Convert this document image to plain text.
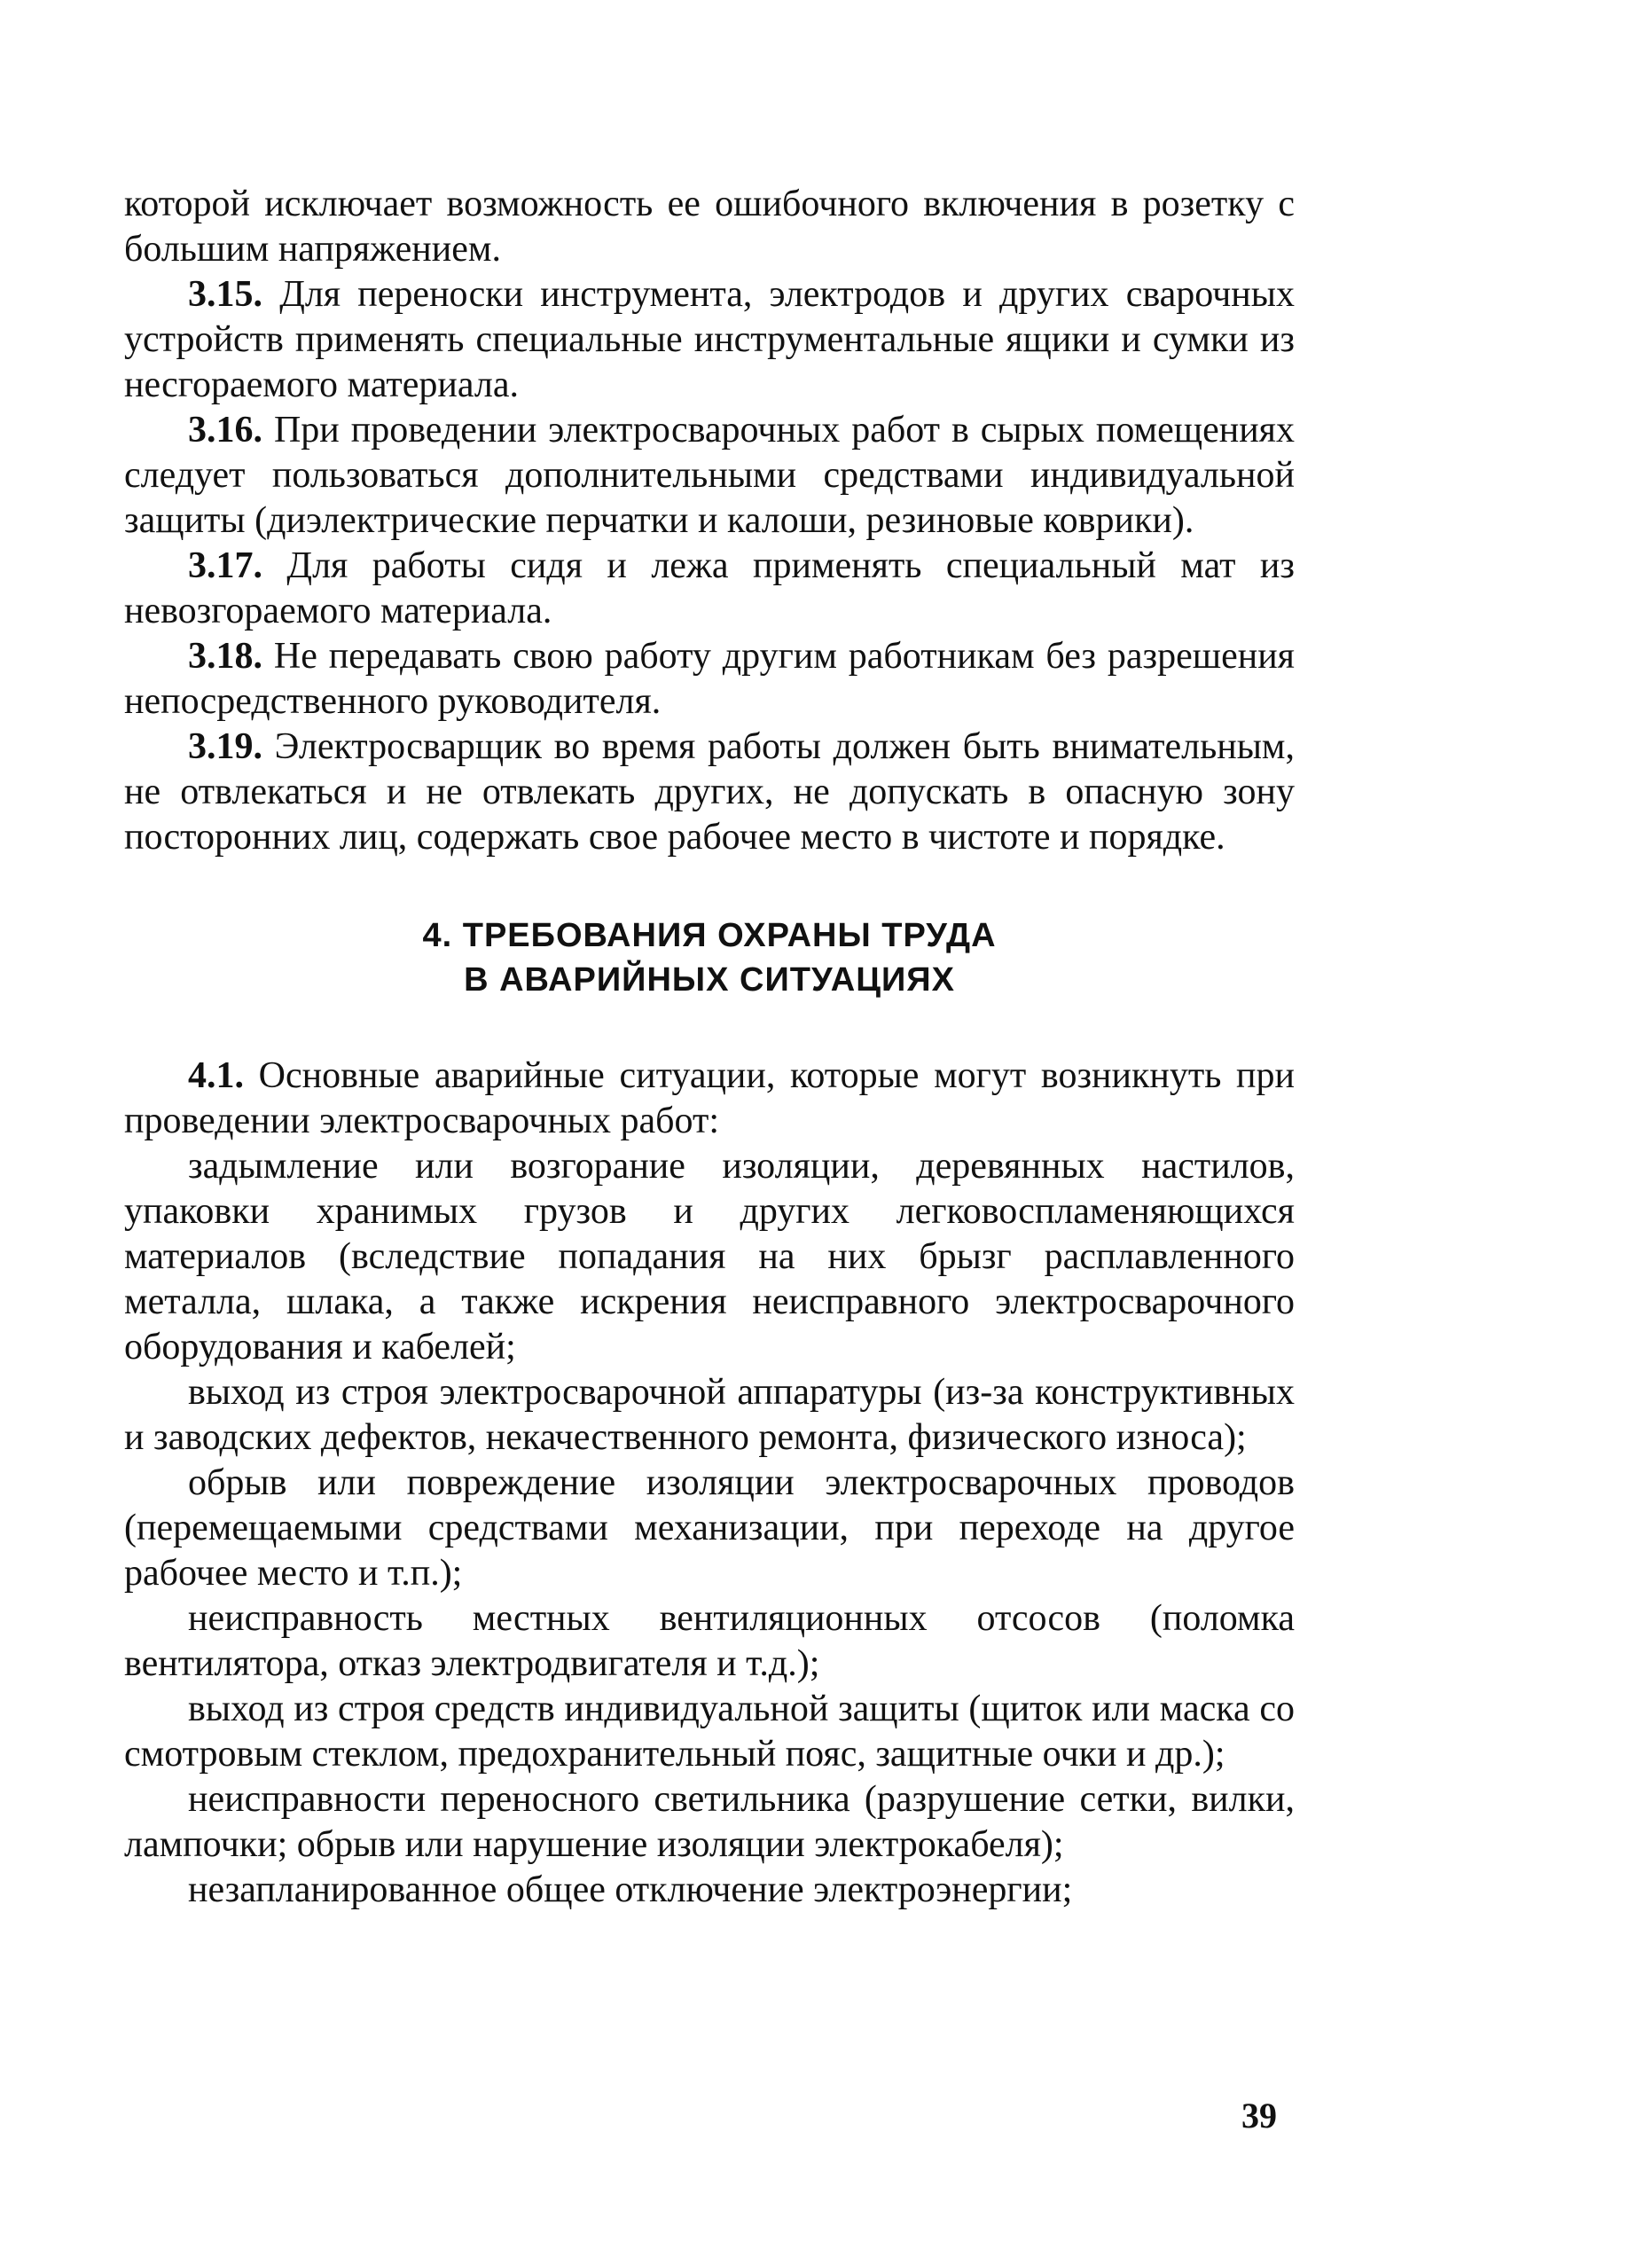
которой исключает возможность ее ошибочного включения в розетку с большим напряжением.

3.15. Для переноски инструмента, электродов и других сварочных устройств применять специальные инструментальные ящики и сумки из несгораемого материала.

3.16. При проведении электросварочных работ в сырых помещениях следует пользоваться дополнительными средствами индивидуальной защиты (диэлектрические перчатки и калоши, резиновые коврики).

3.17. Для работы сидя и лежа применять специальный мат из невозгораемого материала.

3.18. Не передавать свою работу другим работникам без разрешения непосредственного руководителя.

3.19. Электросварщик во время работы должен быть внимательным, не отвлекаться и не отвлекать других, не допускать в опасную зону посторонних лиц, содержать свое рабочее место в чистоте и порядке.

4. ТРЕБОВАНИЯ ОХРАНЫ ТРУДА
В АВАРИЙНЫХ СИТУАЦИЯХ

4.1. Основные аварийные ситуации, которые могут возникнуть при проведении электросварочных работ:

задымление или возгорание изоляции, деревянных настилов, упаковки хранимых грузов и других легковоспламеняющихся материалов (вследствие попадания на них брызг расплавленного металла, шлака, а также искрения неисправного электросварочного оборудования и кабелей;

выход из строя электросварочной аппаратуры (из-за конструктивных и заводских дефектов, некачественного ремонта, физического износа);

обрыв или повреждение изоляции электросварочных проводов (перемещаемыми средствами механизации, при переходе на другое рабочее место и т.п.);

неисправность местных вентиляционных отсосов (поломка вентилятора, отказ электродвигателя и т.д.);

выход из строя средств индивидуальной защиты (щиток или маска со смотровым стеклом, предохранительный пояс, защитные очки и др.);

неисправности переносного светильника (разрушение сетки, вилки, лампочки; обрыв или нарушение изоляции электрокабеля);

незапланированное общее отключение электроэнергии;

39
